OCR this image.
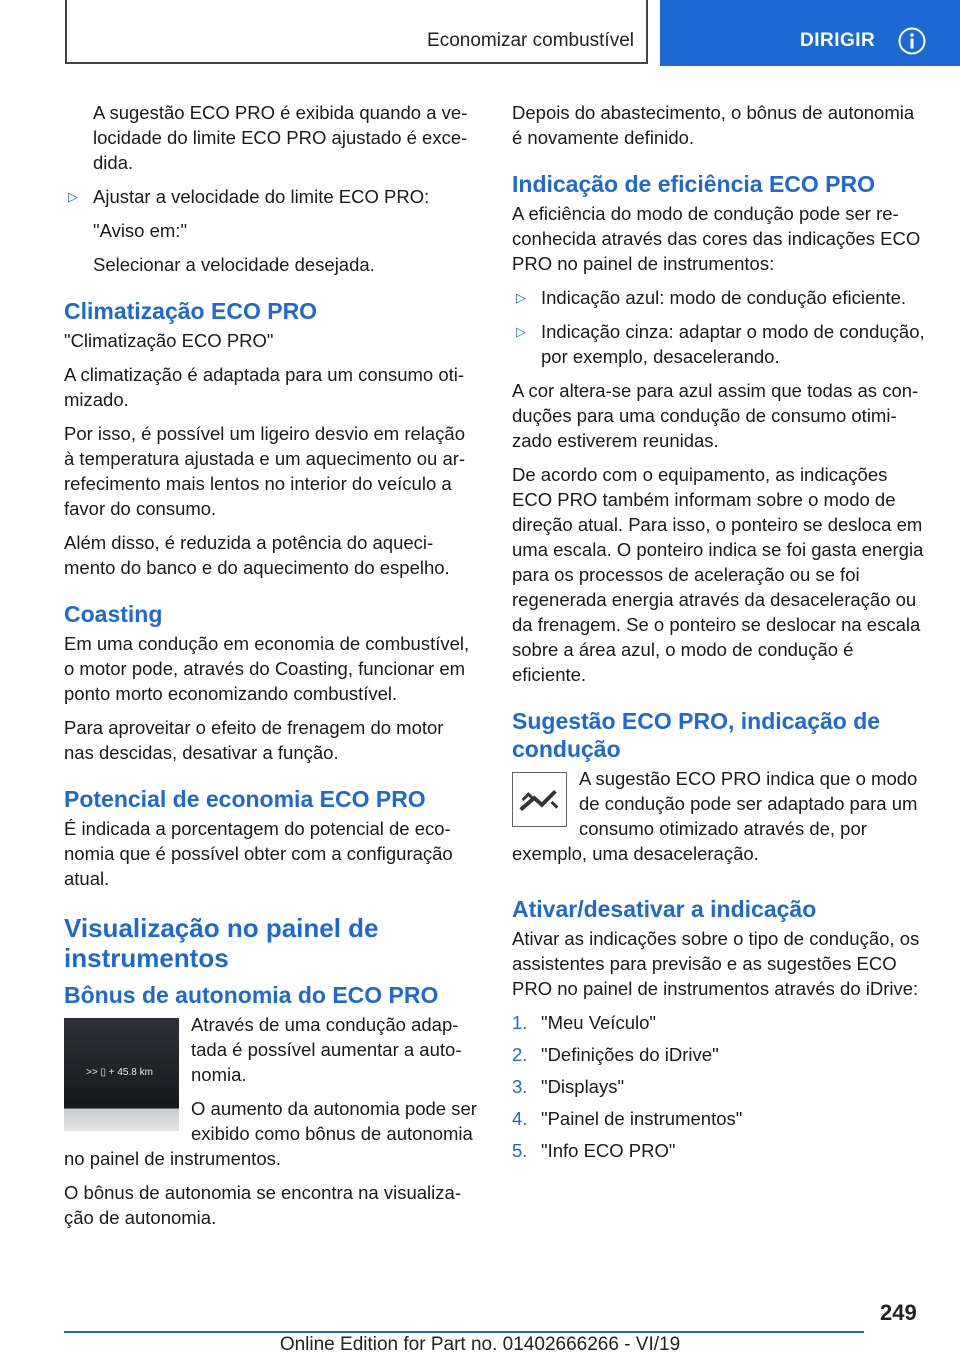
Economizar combustível	DIRIGIR

A sugestão ECO PRO é exibida quando a velocidade do limite ECO PRO ajustado é excedida.

▷ Ajustar a velocidade do limite ECO PRO:

"Aviso em:"

Selecionar a velocidade desejada.

Climatização ECO PRO

"Climatização ECO PRO"

A climatização é adaptada para um consumo otimizado.

Por isso, é possível um ligeiro desvio em relação à temperatura ajustada e um aquecimento ou arrefecimento mais lentos no interior do veículo a favor do consumo.

Além disso, é reduzida a potência do aquecimento do banco e do aquecimento do espelho.

Coasting

Em uma condução em economia de combustível, o motor pode, através do Coasting, funcionar em ponto morto economizando combustível.

Para aproveitar o efeito de frenagem do motor nas descidas, desativar a função.

Potencial de economia ECO PRO

É indicada a porcentagem do potencial de economia que é possível obter com a configuração atual.

Visualização no painel de instrumentos
Bônus de autonomia do ECO PRO
>> ▯ + 45.8 km

Através de uma condução adaptada é possível aumentar a autonomia.

O aumento da autonomia pode ser exibido como bônus de autonomia no painel de instrumentos.

O bônus de autonomia se encontra na visualização de autonomia.

Depois do abastecimento, o bônus de autonomia é novamente definido.

Indicação de eficiência ECO PRO

A eficiência do modo de condução pode ser reconhecida através das cores das indicações ECO PRO no painel de instrumentos:

▷ Indicação azul: modo de condução eficiente.
▷ Indicação cinza: adaptar o modo de condução, por exemplo, desacelerando.

A cor altera-se para azul assim que todas as conduções para uma condução de consumo otimizado estiverem reunidas.

De acordo com o equipamento, as indicações ECO PRO também informam sobre o modo de direção atual. Para isso, o ponteiro se desloca em uma escala. O ponteiro indica se foi gasta energia para os processos de aceleração ou se foi regenerada energia através da desaceleração ou da frenagem. Se o ponteiro se deslocar na escala sobre a área azul, o modo de condução é eficiente.

Sugestão ECO PRO, indicação de condução

A sugestão ECO PRO indica que o modo de condução pode ser adaptado para um consumo otimizado através de, por exemplo, uma desaceleração.

Ativar/desativar a indicação

Ativar as indicações sobre o tipo de condução, os assistentes para previsão e as sugestões ECO PRO no painel de instrumentos através do iDrive:

1. "Meu Veículo"
2. "Definições do iDrive"
3. "Displays"
4. "Painel de instrumentos"
5. "Info ECO PRO"
249
Online Edition for Part no. 01402666266 - VI/19
